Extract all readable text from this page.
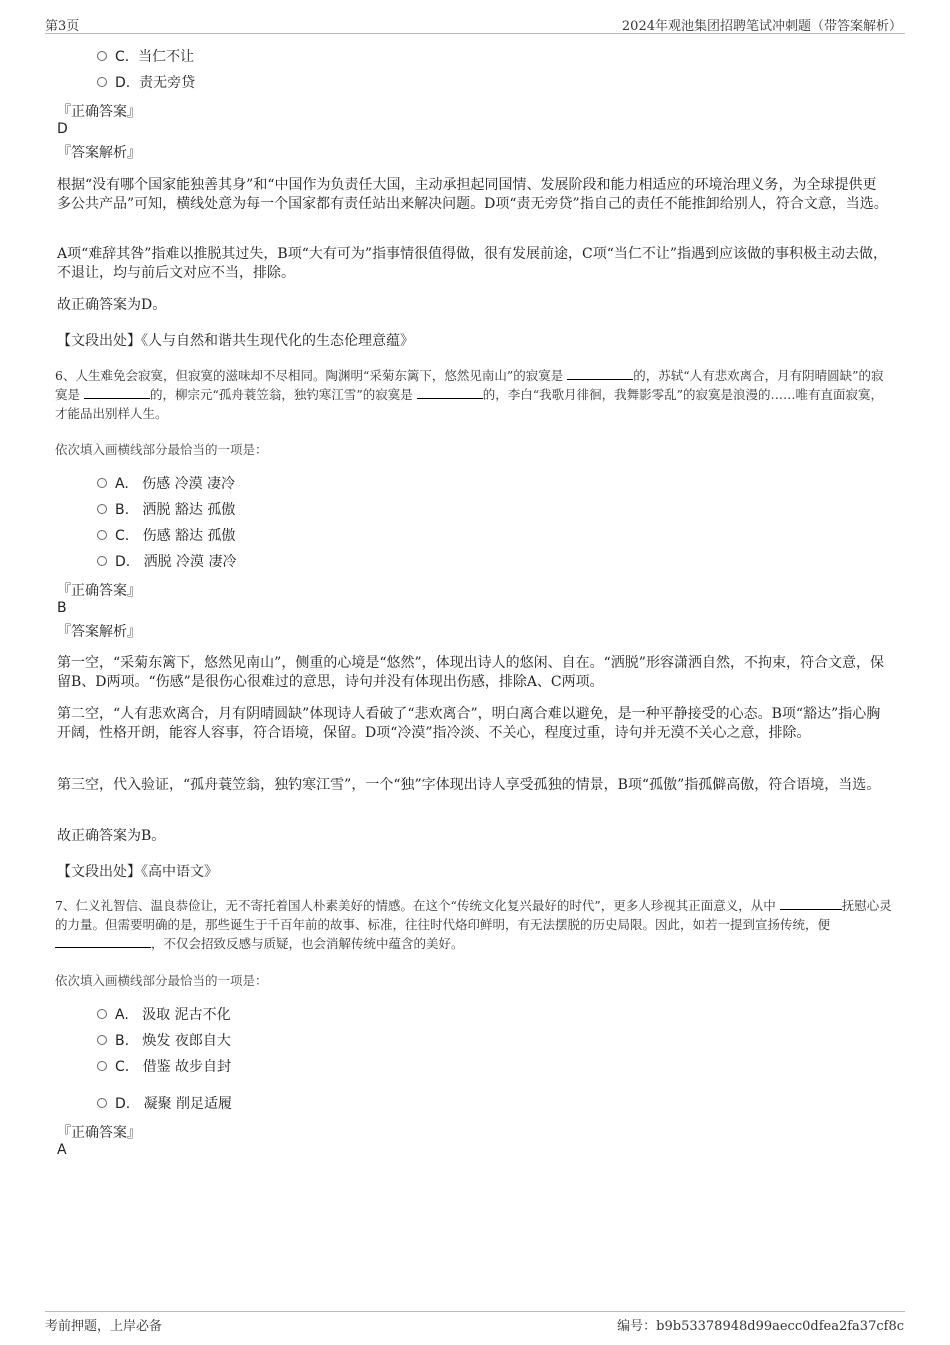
第3页	2024年观池集团招聘笔试冲刺题（带答案解析）
C. 当仁不让
D. 责无旁贷
『正确答案』
D
『答案解析』
根据“没有哪个国家能独善其身”和“中国作为负责任大国，主动承担起同国情、发展阶段和能力相适应的环境治理义务，为全球提供更多公共产品”可知，横线处意为每一个国家都有责任站出来解决问题。D项“责无旁贷”指自己的责任不能推卸给别人，符合文意，当选。
A项“难辞其咎”指难以推脱其过失，B项“大有可为”指事情很值得做，很有发展前途，C项“当仁不让”指遇到应该做的事积极主动去做，不退让，均与前后文对应不当，排除。
故正确答案为D。
【文段出处】《人与自然和谐共生现代化的生态伦理意蕴》
6、人生难免会寂寞，但寂寞的滋味却不尽相同。陶渊明“采菊东篱下，悠然见南山”的寂寞是	的，苏轼“人有悲欢离合，月有阴晴圆缺”的寂寞是	的，柳宗元“孤舟蓑笠翁，独钓寒江雪”的寂寞是	的，李白“我歌月徘徊，我舞影零乱”的寂寞是浪漫的……唯有直面寂寞，才能品出别样人生。
依次填入画横线部分最恰当的一项是：
A. 伤感 冷漠 凄冷
B. 洒脱 豁达 孤傲
C. 伤感 豁达 孤傲
D. 洒脱 冷漠 凄冷
『正确答案』
B
『答案解析』
第一空，“采菊东篱下，悠然见南山”，侧重的心境是“悠然”，体现出诗人的悠闲、自在。“洒脱”形容潇洒自然，不拘束，符合文意，保留B、D两项。“伤感”是很伤心很难过的意思，诗句并没有体现出伤感，排除A、C两项。
第二空，“人有悲欢离合，月有阴晴圆缺”体现诗人看破了“悲欢离合”，明白离合难以避免，是一种平静接受的心态。B项“豁达”指心胸开阔，性格开朗，能容人容事，符合语境，保留。D项“冷漠”指冷淡、不关心，程度过重，诗句并无漠不关心之意，排除。
第三空，代入验证，“孤舟蓑笠翁，独钓寒江雪”，一个“独”字体现出诗人享受孤独的情景，B项“孤傲”指孤僻高傲，符合语境，当选。
故正确答案为B。
【文段出处】《高中语文》
7、仁义礼智信、温良恭俭让，无不寄托着国人朴素美好的情感。在这个“传统文化复兴最好的时代”，更多人珍视其正面意义，从中	抚慰心灵的力量。但需要明确的是，那些诞生于千百年前的故事、标准，往往时代烙印鲜明，有无法摆脱的历史局限。因此，如若一提到宣扬传统，便 ，不仅会招致反感与质疑，也会消解传统中蕴含的美好。
依次填入画横线部分最恰当的一项是：
A. 汲取 泥古不化
B. 焕发 夜郎自大
C. 借鉴 故步自封
D. 凝聚 削足适履
『正确答案』
A
考前押题，上岸必备	编号：b9b53378948d99aecc0dfea2fa37cf8c
